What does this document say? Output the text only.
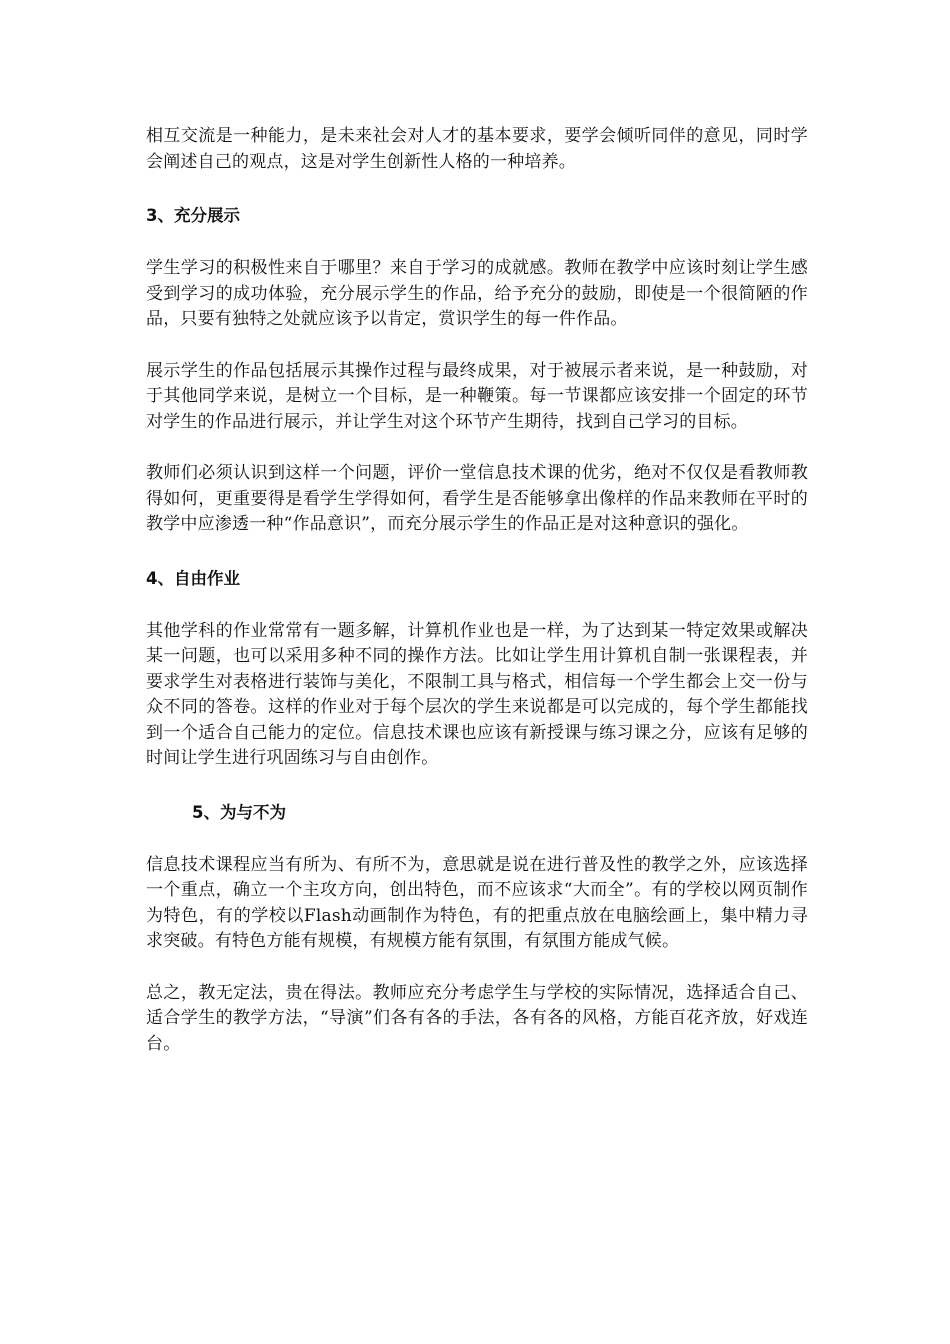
相互交流是一种能力，是未来社会对人才的基本要求，要学会倾听同伴的意见，同时学会阐述自己的观点，这是对学生创新性人格的一种培养。

3、充分展示

学生学习的积极性来自于哪里？来自于学习的成就感。教师在教学中应该时刻让学生感受到学习的成功体验，充分展示学生的作品，给予充分的鼓励，即使是一个很简陋的作品，只要有独特之处就应该予以肯定，赏识学生的每一件作品。

展示学生的作品包括展示其操作过程与最终成果，对于被展示者来说，是一种鼓励，对于其他同学来说，是树立一个目标，是一种鞭策。每一节课都应该安排一个固定的环节对学生的作品进行展示，并让学生对这个环节产生期待，找到自己学习的目标。

教师们必须认识到这样一个问题，评价一堂信息技术课的优劣，绝对不仅仅是看教师教得如何，更重要得是看学生学得如何，看学生是否能够拿出像样的作品来教师在平时的教学中应渗透一种“作品意识”，而充分展示学生的作品正是对这种意识的强化。

4、自由作业

其他学科的作业常常有一题多解，计算机作业也是一样，为了达到某一特定效果或解决某一问题，也可以采用多种不同的操作方法。比如让学生用计算机自制一张课程表，并要求学生对表格进行装饰与美化，不限制工具与格式，相信每一个学生都会上交一份与众不同的答卷。这样的作业对于每个层次的学生来说都是可以完成的，每个学生都能找到一个适合自己能力的定位。信息技术课也应该有新授课与练习课之分，应该有足够的时间让学生进行巩固练习与自由创作。

5、为与不为

信息技术课程应当有所为、有所不为，意思就是说在进行普及性的教学之外，应该选择一个重点，确立一个主攻方向，创出特色，而不应该求“大而全”。有的学校以网页制作为特色，有的学校以Flash动画制作为特色，有的把重点放在电脑绘画上，集中精力寻求突破。有特色方能有规模，有规模方能有氛围，有氛围方能成气候。

总之，教无定法，贵在得法。教师应充分考虑学生与学校的实际情况，选择适合自己、适合学生的教学方法，“导演”们各有各的手法，各有各的风格，方能百花齐放，好戏连台。
